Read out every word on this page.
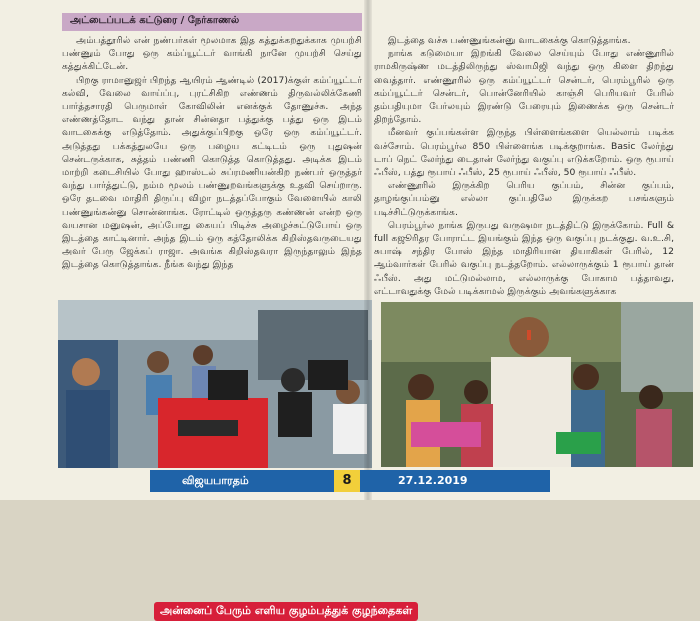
அட்டைப்படக் கட்டுரை / நேர்காணல்

அம்பத்தூரில் என் நண்பர்கள் மூலமாக இத கத்துக்கறதுக்காக முயற்சி பண்ணும் போது ஒரு கம்ப்யூட்டர் வாங்கி நானே முயற்சி செய்து கத்துக்கிட்டேன்.

பிறகு ராமானுஜர் பிறந்த ஆயிரம் ஆண்டில் (2017)க்குள் கம்ப்யூட்டர் கல்வி, வேலை வாய்ப்பு, புரட்சிகிற எண்ணம் திருவல்லிக்கேணி பார்த்தசாரதி பெருமாள் கோவிலின் எனக்குக் தோணுச்சு. அந்த எண்ணத்தோட வந்து தான் சின்னதா பத்துக்கு பத்து ஒரு இடம் வாடகைக்கு எடுத்தோம். அதுக்குப்பிறகு ஒரே ஒரு கம்ப்யூட்டர். அடுத்தது பக்கத்துலயே ஒரு பழைய கட்டிடம் ஒரு புதுஷன் சென்டருக்காக, சுத்தம் பண்ணி கொடுத்த கொடுத்தது. அடிக்க இடம் மாற்றி கடைசியில் போது ஹாஸ்டல் சுப்ரமணியன்கிற நண்பர் ஒருத்தர் வந்து பார்த்துட்டு, நம்ம மூலம் பண்ணுறவங்களுக்கு உதவி செய்றாரு. ஒரே தடவை மாதிரி திருப்பு விழா நடத்தப்போகும் வேளையில் காலி பண்ணுங்கன்னு சொன்னாங்க. ரோட்டில் ஒருத்தரு கண்ணன் என்ற ஒரு வயசான மனுஷன், அப்போது கையப் பிடிச்சு அழைச்சுட்டுபோய் ஒரு இடத்தை காட்டினார். அந்த இடம் ஒரு கத்தோலிக்க கிறிஸ்தவருடையது அவர் பேரு ஜேக்கப் ராஜா. அவங்க கிறிஸ்தவரா இருந்தாலும் இந்த இடத்தை கொடுத்தாங்க. நீங்க வந்து இந்த

இடத்தை வச்சு பண்ணுங்கன்னு வாடகைக்கு கொடுத்தாங்க.

நாங்க கடுமையா இறங்கி வேலை செய்யும் போது எண்ணூரில் ராமகிருஷ்ண மடத்திலிருந்து ஸ்வாமிஜி வந்து ஒரு கிளை திறந்து வைத்தார். எண்ணூரில் ஒரு கம்ப்யூட்டர் சென்டர், பெரம்பூரில் ஒரு கம்ப்யூட்டர் சென்டர், பொன்னேரியில் காஞ்சி பெரியவர் பேரில் தம்பதியுமா பேர்லயும் இரண்டு பேரையும் இணைக்க ஒரு சென்டர் திறந்தோம்.

மீனவர் குப்பங்கள்ள இருந்த பிள்ளைங்களை யெல்லாம் படிக்க வச்சோம். பெரம்பூர்ல 850 பிள்ளைங்க படிக்குறாங்க. Basic லேர்ந்து டாப் நெட் லேர்ந்து டைதான் லேர்ந்து வகுப்பு எடுக்கறோம். ஒரு ரூபாய் ஃபீஸ், பத்து ரூபாய் ஃபீஸ், 25 ரூபாய் ஃபீஸ், 50 ரூபாய் ஃபீஸ்.

எண்ணூரில் இருக்கிற பெரிய குப்பம், சின்ன குப்பம், தாழங்குப்பம்னு எல்லா குப்பதிலே இருக்கற பசங்களும் படிச்சிட்டுருக்காங்க.

பெரம்பூர்ல நாங்க இருபது வருஷமா நடத்திட்டு இருக்கோம். Full & full கஜூரிதர போராட்ட இயங்கும் இந்த ஒரு வகுப்பு நடக்குது. வ.உ.சி, சுபாஷ் சந்திர போஸ் இந்த மாதிரியான தியாகிகள் பேரில், 12 ஆம்வார்கள் பேரில் வகுப்பு நடத்தறோம். எல்லாருக்கும் 1 ரூபாய் தான் ஃபீஸ். அது மட்டுமல்லாம, எல்லாருக்கு போகாம பத்தாவது, எட்டாவதுக்கு மேல் படிக்காமல் இருக்கும் அவங்களுக்காக

அன்னைப் பேரும் எளிய குழம்பத்துக் குழந்தைகள்
விஜயபாரதம்	8	27.12.2019
